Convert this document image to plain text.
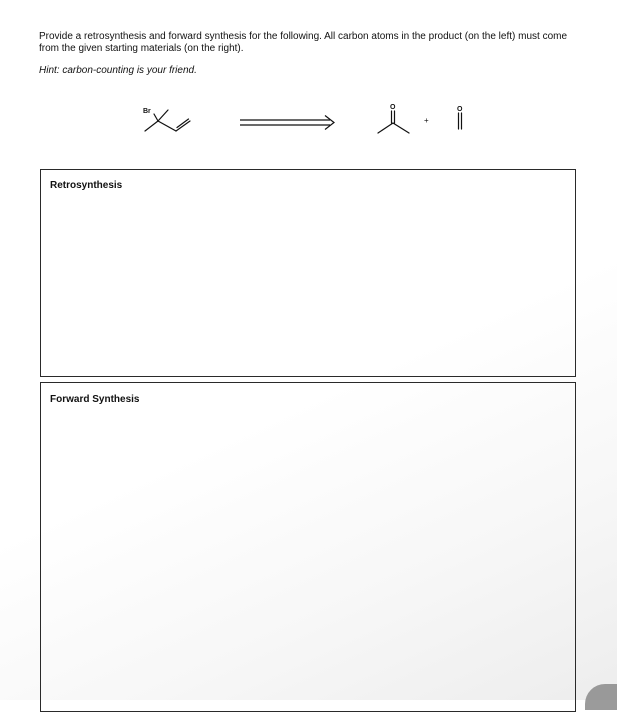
Provide a retrosynthesis and forward synthesis for the following. All carbon atoms in the product (on the left) must come from the given starting materials (on the right).
Hint: carbon-counting is your friend.
Br
O
+
O
Retrosynthesis
Forward Synthesis
